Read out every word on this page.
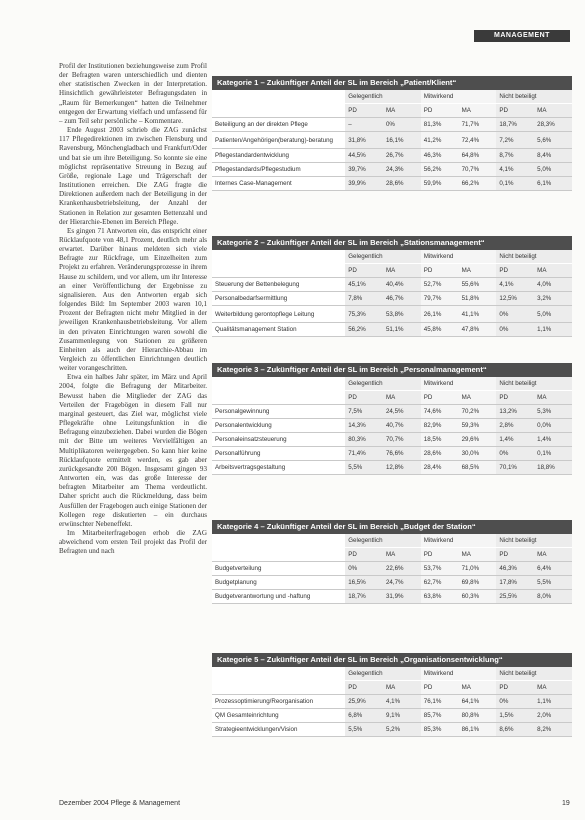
MANAGEMENT

Profil der Institutionen beziehungsweise zum Profil der Befragten waren unterschiedlich und dienten eher statistischen Zwecken in der Interpretation. Hinsichtlich gewährleisteter Befragungsdaten in „Raum für Bemerkungen“ hatten die Teilnehmer entgegen der Erwartung vielfach und umfassend für – zum Teil sehr persönliche – Kommentare.

Ende August 2003 schrieb die ZAG zunächst 117 Pflegedirektionen im zwischen Flensburg und Ravensburg, Mönchengladbach und Frankfurt/Oder und bat sie um ihre Beteiligung. So konnte sie eine möglichst repräsentative Streuung in Bezug auf Größe, regionale Lage und Trägerschaft der Institutionen erreichen. Die ZAG fragte die Direktionen außerdem nach der Beteiligung in der Krankenhausbetriebsleitung, der Anzahl der Stationen in Relation zur gesamten Bettenzahl und der Hierarchie-Ebenen im Bereich Pflege.

Es gingen 71 Antworten ein, das entspricht einer Rücklaufquote von 48,1 Prozent, deutlich mehr als erwartet. Darüber hinaus meldeten sich viele Befragte zur Rückfrage, um Einzelheiten zum Projekt zu erfahren. Veränderungsprozesse in ihrem Hause zu schildern, und vor allem, um ihr Interesse an einer Veröffentlichung der Ergebnisse zu signalisieren. Aus den Antworten ergab sich folgendes Bild: Im September 2003 waren 10,1 Prozent der Befragten nicht mehr Mitglied in der jeweiligen Krankenhausbetriebsleitung. Vor allem in den privaten Einrichtungen waren sowohl die Zusammenlegung von Stationen zu größeren Einheiten als auch der Hierarchie-Abbau im Vergleich zu öffentlichen Einrichtungen deutlich weiter vorangeschritten.

Etwa ein halbes Jahr später, im März und April 2004, folgte die Befragung der Mitarbeiter. Bewusst haben die Mitglieder der ZAG das Verteilen der Fragebögen in diesem Fall nur marginal gesteuert, das Ziel war, möglichst viele Pflegekräfte ohne Leitungsfunktion in die Befragung einzubeziehen. Dabei wurden die Bögen mit der Bitte um weiteres Vervielfältigen an Multiplikatoren weitergegeben. So kann hier keine Rücklaufquote ermittelt werden, es gab aber zurückgesandte 200 Bögen. Insgesamt gingen 93 Antworten ein, was das große Interesse der befragten Mitarbeiter am Thema verdeutlicht. Daher spricht auch die Rückmeldung, dass beim Ausfüllen der Fragebogen auch einige Stationen der Kollegen rege diskutierten – ein durchaus erwünschter Nebeneffekt.

Im Mitarbeiterfragebogen erhob die ZAG abweichend vom ersten Teil projekt das Profil der Befragten und nach

Kategorie 1 – Zukünftiger Anteil der SL im Bereich „Patient/Klient“
	Gelegentlich		Mitwirkend		Nicht beteiligt	
	PD	MA	PD	MA	PD	MA
Beteiligung an der direkten Pflege	–	0%	81,3%	71,7%	18,7%	28,3%
Patienten/Angehörigen(beratung)-beratung	31,8%	16,1%	41,2%	72,4%	7,2%	5,6%
Pflegestandardentwicklung	44,5%	26,7%	46,3%	64,8%	8,7%	8,4%
Pflegestandards/Pflegestudium	39,7%	24,3%	56,2%	70,7%	4,1%	5,0%
Internes Case-Management	39,9%	28,6%	59,9%	66,2%	0,1%	6,1%
Kategorie 2 – Zukünftiger Anteil der SL im Bereich „Stationsmanagement“
	Gelegentlich		Mitwirkend		Nicht beteiligt	
	PD	MA	PD	MA	PD	MA
Steuerung der Bettenbelegung	45,1%	40,4%	52,7%	55,6%	4,1%	4,0%
Personalbedarfsermittlung	7,8%	46,7%	79,7%	51,8%	12,5%	3,2%
Weiterbildung gerontopflege Leitung	75,3%	53,8%	26,1%	41,1%	0%	5,0%
Qualitätsmanagement Station	56,2%	51,1%	45,8%	47,8%	0%	1,1%
Kategorie 3 – Zukünftiger Anteil der SL im Bereich „Personalmanagement“
	Gelegentlich		Mitwirkend		Nicht beteiligt	
	PD	MA	PD	MA	PD	MA
Personalgewinnung	7,5%	24,5%	74,6%	70,2%	13,2%	5,3%
Personalentwicklung	14,3%	40,7%	82,9%	59,3%	2,8%	0,0%
Personaleinsatzsteuerung	80,3%	70,7%	18,5%	29,6%	1,4%	1,4%
Personalführung	71,4%	76,6%	28,6%	30,0%	0%	0,1%
Arbeitsvertragsgestaltung	5,5%	12,8%	28,4%	68,5%	70,1%	18,8%
Kategorie 4 – Zukünftiger Anteil der SL im Bereich „Budget der Station“
	Gelegentlich		Mitwirkend		Nicht beteiligt	
	PD	MA	PD	MA	PD	MA
Budgetverteilung	0%	22,6%	53,7%	71,0%	46,3%	6,4%
Budgetplanung	16,5%	24,7%	62,7%	69,8%	17,8%	5,5%
Budgetverantwortung und -haftung	18,7%	31,9%	63,8%	60,3%	25,5%	8,0%
Kategorie 5 – Zukünftiger Anteil der SL im Bereich „Organisationsentwicklung“
	Gelegentlich		Mitwirkend		Nicht beteiligt	
	PD	MA	PD	MA	PD	MA
Prozessoptimierung/Reorganisation	25,9%	4,1%	76,1%	64,1%	0%	1,1%
QM Gesamteinrichtung	6,8%	9,1%	85,7%	80,8%	1,5%	2,0%
Strategieentwicklungen/Vision	5,5%	5,2%	85,3%	86,1%	8,6%	8,2%
Dezember 2004 Pflege & Management	19
